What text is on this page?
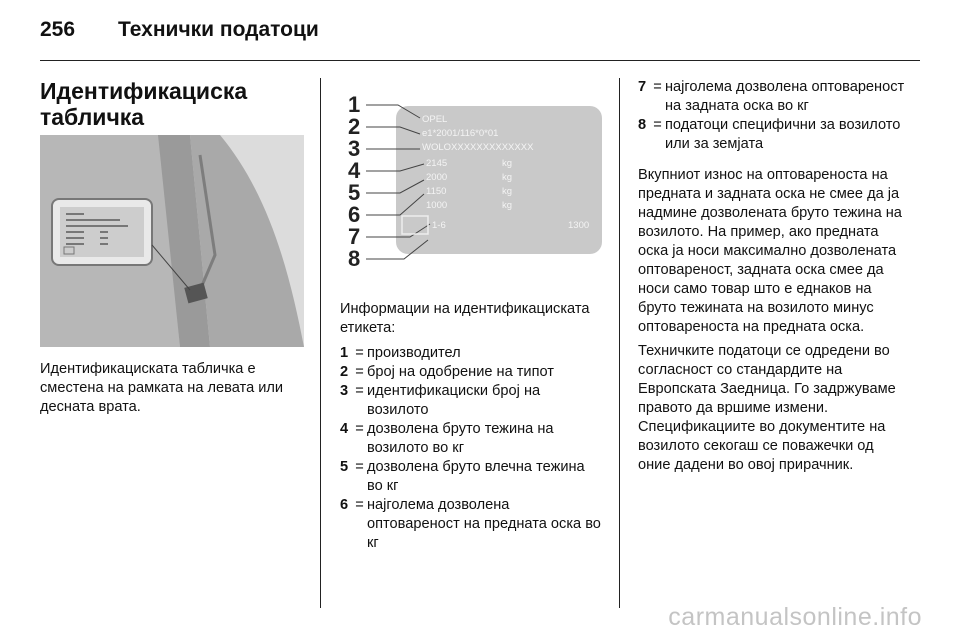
256 Технички податоци
Идентификациска
табличка
Идентификациската табличка е сместена на рамката на левата или десната врата.
1
2
3
4
5
6
7
8
OPEL
e1*2001/116*0*01
WOLOXXXXXXXXXXXXX
2145
2000
1150
1000
kg
kg
kg
kg
1-6	1300
Информации на идентификациската етикета:
1 = производител
2 = број на одобрение на типот
3 = идентификациски број на возилото
4 = дозволена бруто тежина на возилото во кг
5 = дозволена бруто влечна тежина во кг
6 = најголема дозволена оптовареност на предната оска во кг
7 = најголема дозволена оптовареност на задната оска во кг
8 = податоци специфични за возилото или за земјата

Вкупниот износ на оптовареноста на предната и задната оска не смее да ја надмине дозволената бруто тежина на возилото. На пример, ако предната оска ја носи максимално дозволената оптовареност, задната оска смее да носи само товар што е еднаков на бруто тежината на возилото минус оптовареноста на предната оска.

Техничките податоци се одредени во согласност со стандардите на Европската Заедница. Го задржуваме правото да вршиме измени. Спецификациите во документите на возилото секогаш се поважечки од оние дадени во овој прирачник.

carmanualsonline.info
